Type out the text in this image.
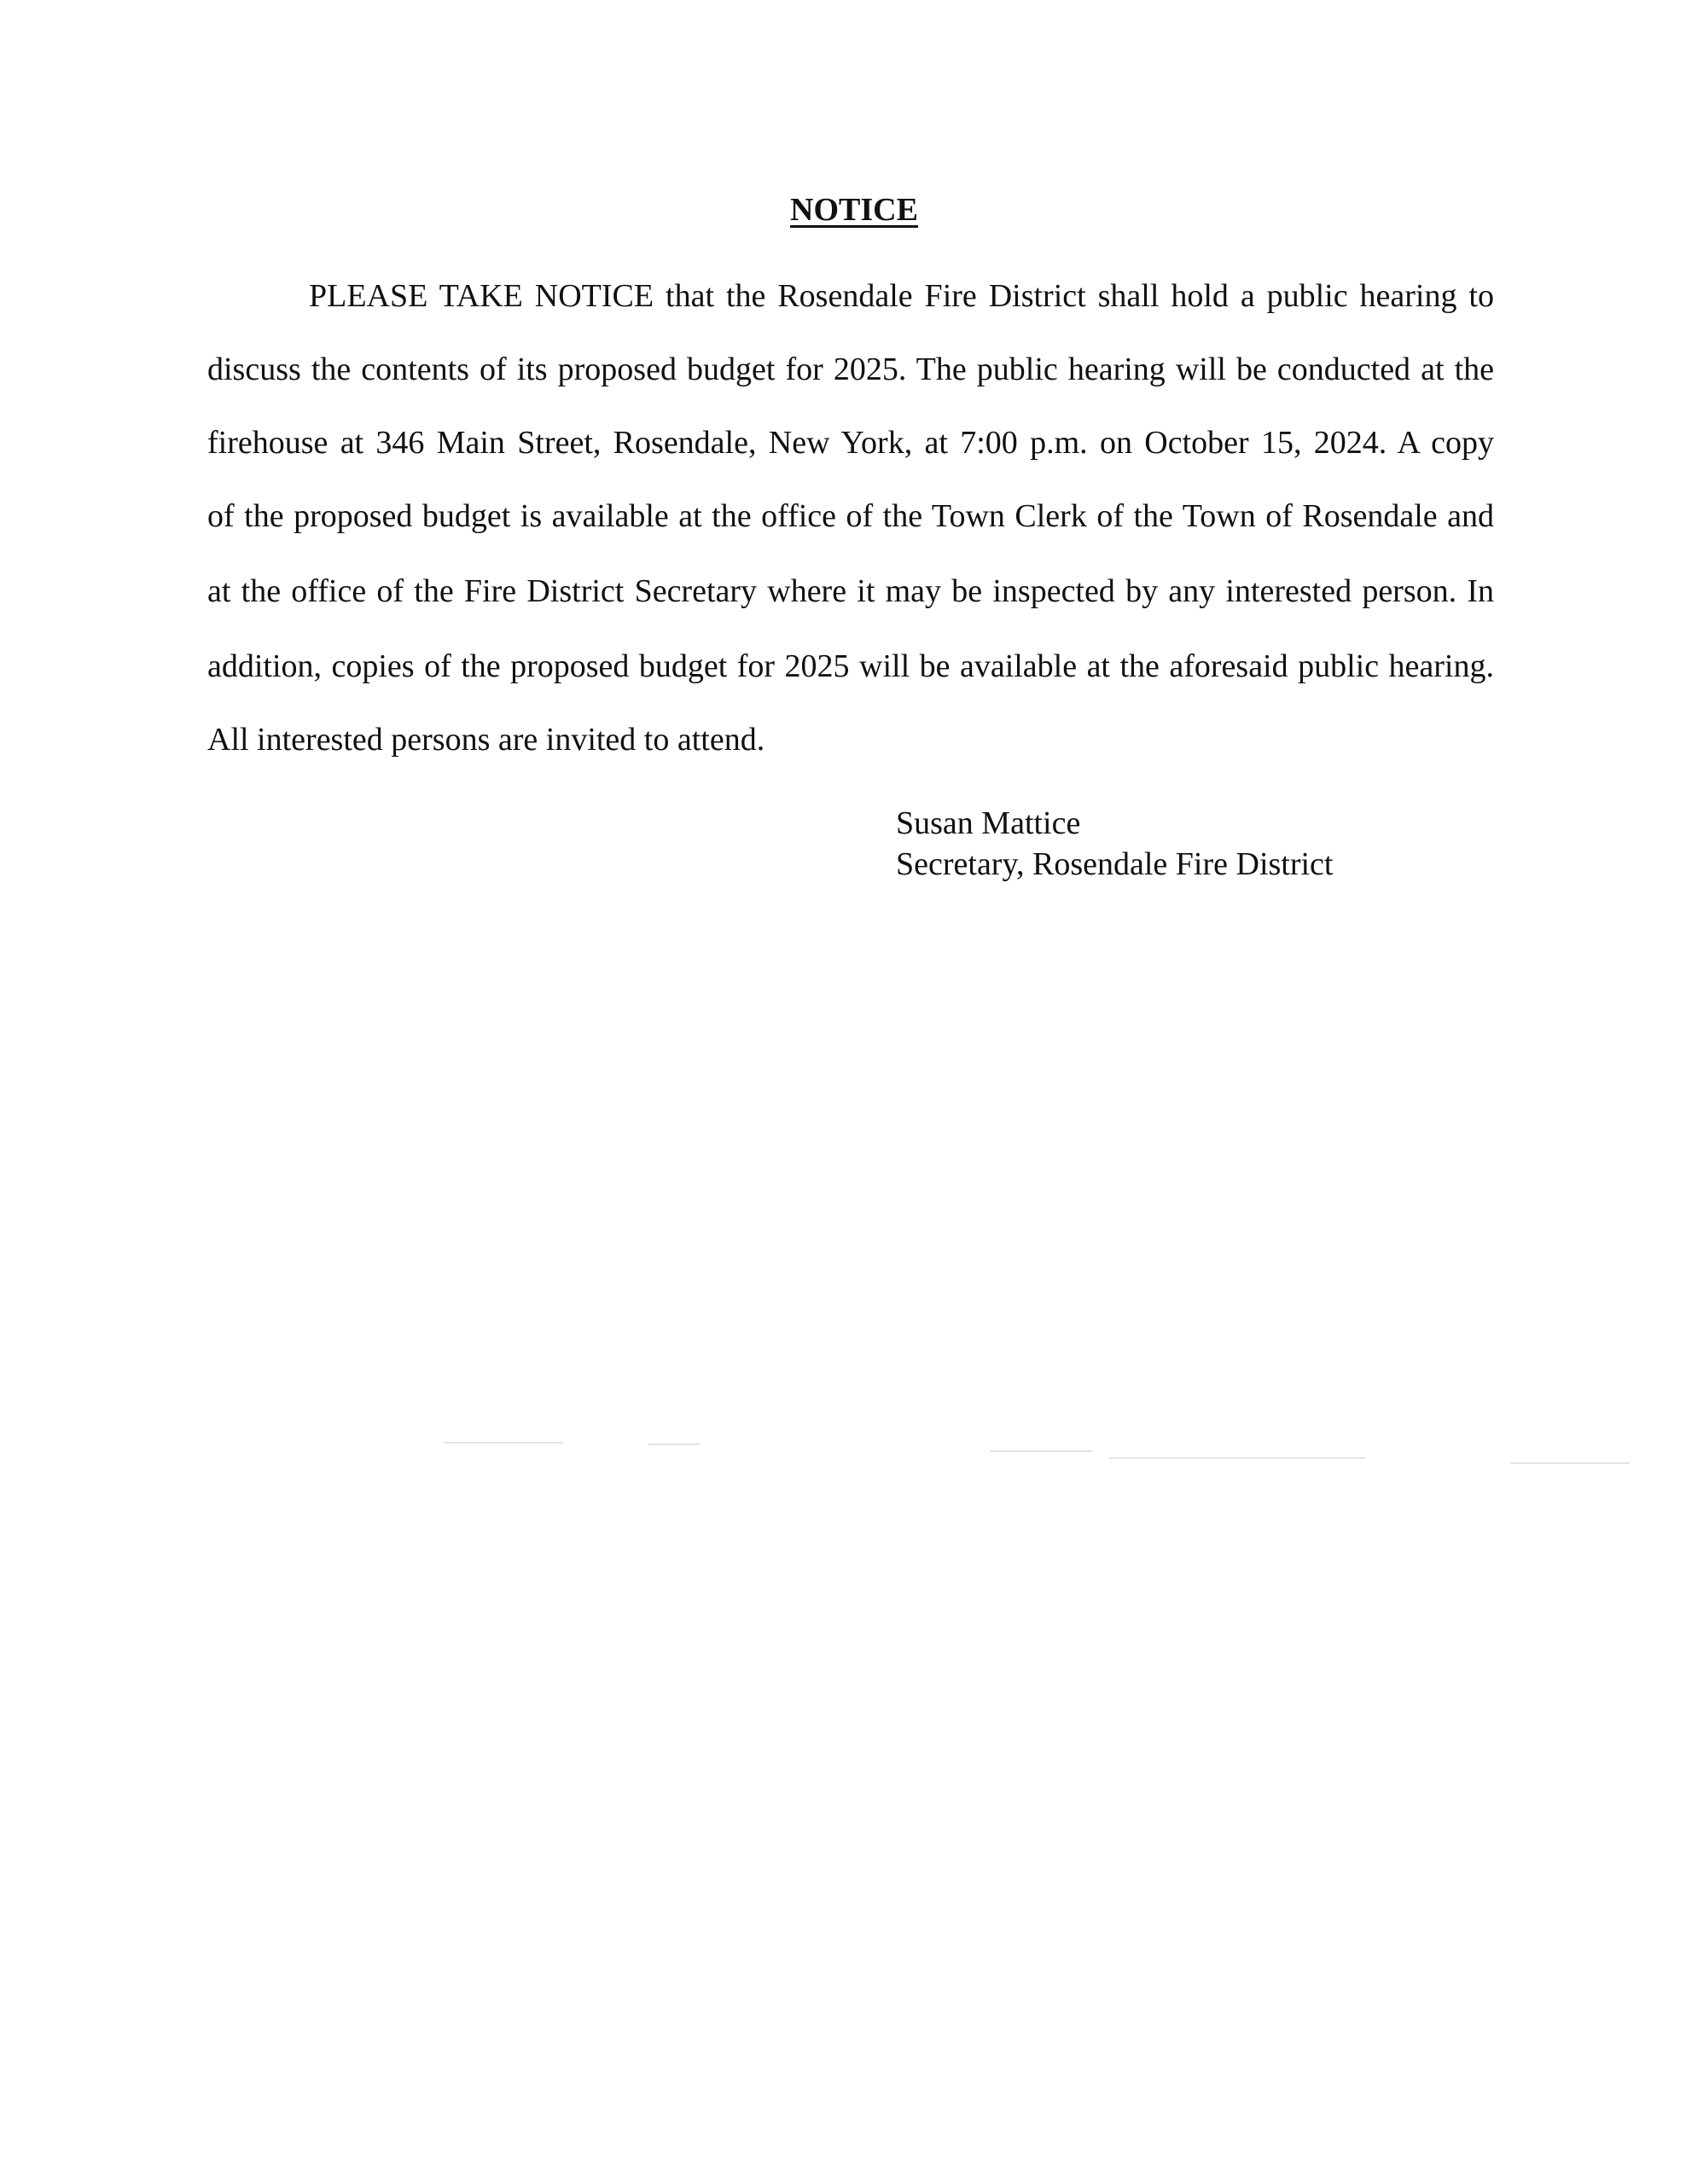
NOTICE

PLEASE TAKE NOTICE that the Rosendale Fire District shall hold a public hearing to

discuss the contents of its proposed budget for 2025. The public hearing will be conducted at the

firehouse at 346 Main Street, Rosendale, New York, at 7:00 p.m. on October 15, 2024. A copy

of the proposed budget is available at the office of the Town Clerk of the Town of Rosendale and

at the office of the Fire District Secretary where it may be inspected by any interested person. In

addition, copies of the proposed budget for 2025 will be available at the aforesaid public hearing.

All interested persons are invited to attend.

Susan Mattice

Secretary, Rosendale Fire District
